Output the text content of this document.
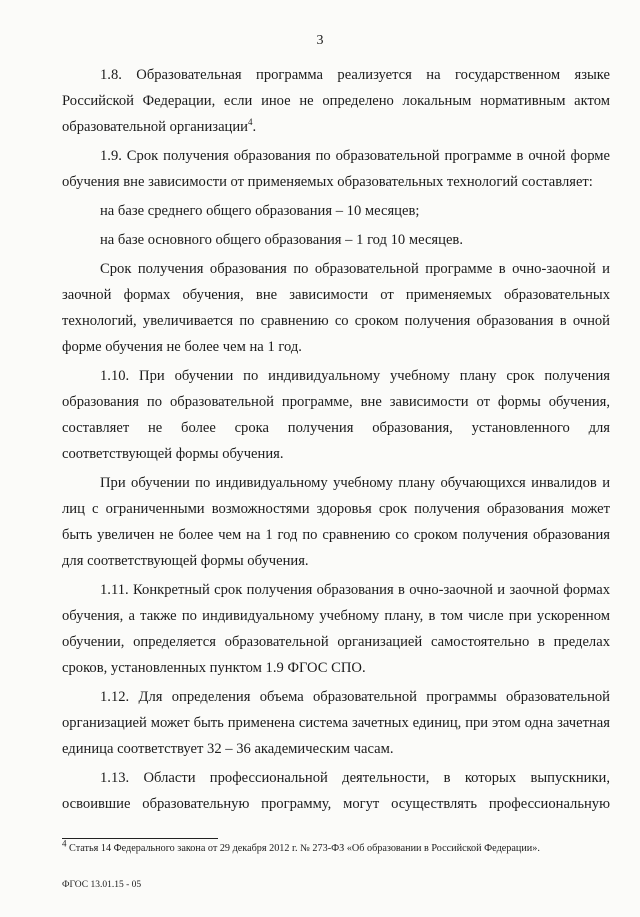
3

1.8. Образовательная программа реализуется на государственном языке Российской Федерации, если иное не определено локальным нормативным актом образовательной организации$^4$.

1.9. Срок получения образования по образовательной программе в очной форме обучения вне зависимости от применяемых образовательных технологий составляет:

на базе среднего общего образования – 10 месяцев;

на базе основного общего образования – 1 год 10 месяцев.

Срок получения образования по образовательной программе в очно-заочной и заочной формах обучения, вне зависимости от применяемых образовательных технологий, увеличивается по сравнению со сроком получения образования в очной форме обучения не более чем на 1 год.

1.10. При обучении по индивидуальному учебному плану срок получения образования по образовательной программе, вне зависимости от формы обучения, составляет не более срока получения образования, установленного для соответствующей формы обучения.

При обучении по индивидуальному учебному плану обучающихся инвалидов и лиц с ограниченными возможностями здоровья срок получения образования может быть увеличен не более чем на 1 год по сравнению со сроком получения образования для соответствующей формы обучения.

1.11. Конкретный срок получения образования в очно-заочной и заочной формах обучения, а также по индивидуальному учебному плану, в том числе при ускоренном обучении, определяется образовательной организацией самостоятельно в пределах сроков, установленных пунктом 1.9 ФГОС СПО.

1.12. Для определения объема образовательной программы образовательной организацией может быть применена система зачетных единиц, при этом одна зачетная единица соответствует 32 – 36 академическим часам.

1.13. Области профессиональной деятельности, в которых выпускники, освоившие образовательную программу, могут осуществлять профессиональную

$^4$ Статья 14 Федерального закона от 29 декабря 2012 г. № 273-ФЗ «Об образовании в Российской Федерации».
ФГОС 13.01.15 - 05
